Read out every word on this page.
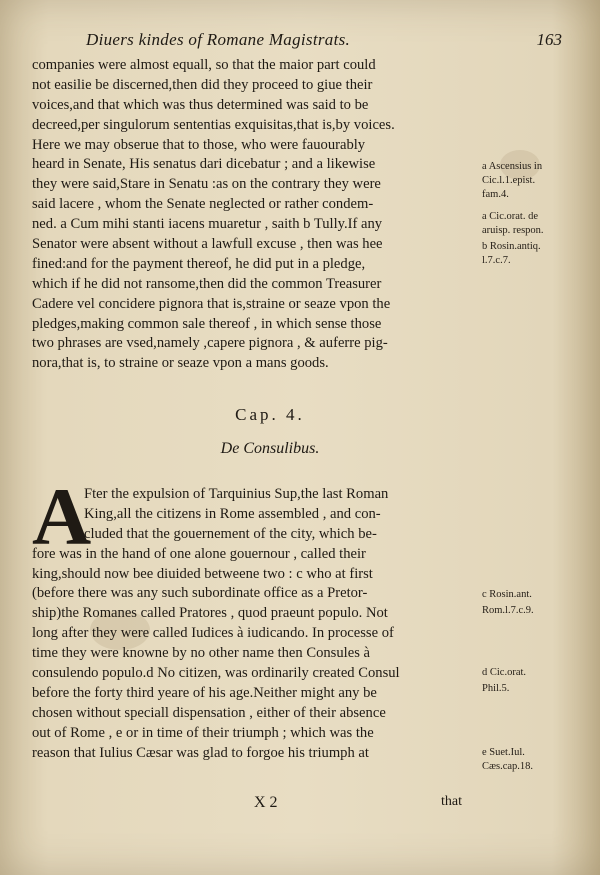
Diuers kindes of Romane Magistrats.	163
companies were almost equall, so that the maior part could
not easilie be discerned,then did they proceed to giue their
voices,and that which was thus determined was said to be
decreed,per singulorum sententias exquisitas,that is,by voices.
Here we may obserue that to those, who were fauourably
heard in Senate, His senatus dari dicebatur ; and a likewise
they were said,Stare in Senatu :as on the contrary they were
said lacere , whom the Senate neglected or rather condem-
ned. a Cum mihi stanti iacens muaretur , saith b Tully.If any
Senator were absent without a lawfull excuse , then was hee
fined:and for the payment thereof, he did put in a pledge,
which if he did not ransome,then did the common Treasurer
Cadere vel concidere pignora that is,straine or seaze vpon the
pledges,making common sale thereof , in which sense those
two phrases are vsed,namely ,capere pignora , & auferre pig-
nora,that is, to straine or seaze vpon a mans goods.
a Ascensius in
Cic.l.1.epist.
fam.4.
a Cic.orat. de
aruisp. respon.
b Rosin.antiq.
l.7.c.7.
Cap. 4.
De Consulibus.
A
Fter the expulsion of Tarquinius Sup,the last Roman
King,all the citizens in Rome assembled , and con-
cluded that the gouernement of the city, which be-
fore was in the hand of one alone gouernour , called their
king,should now bee diuided betweene two : c who at first
(before there was any such subordinate office as a Pretor-
ship)the Romanes called Pratores , quod praeunt populo. Not
long after they were called Iudices à iudicando. In processe of
time they were knowne by no other name then Consules à
consulendo populo.d No citizen, was ordinarily created Consul
before the forty third yeare of his age.Neither might any be
chosen without speciall dispensation , either of their absence
out of Rome , e or in time of their triumph ; which was the
reason that Iulius Cæsar was glad to forgoe his triumph at
c Rosin.ant.
Rom.l.7.c.9.
d Cic.orat.
Phil.5.
e Suet.Iul.
Cæs.cap.18.
X 2	that
